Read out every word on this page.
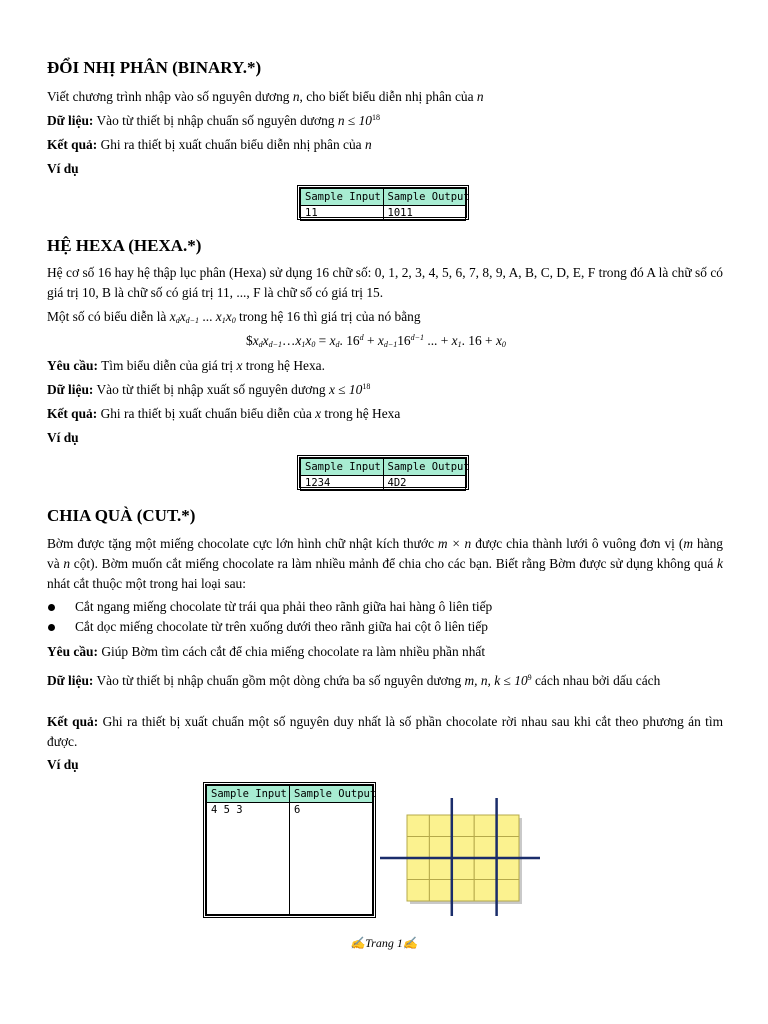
ĐỔI NHỊ PHÂN (BINARY.*)
Viết chương trình nhập vào số nguyên dương n, cho biết biểu diễn nhị phân của n
Dữ liệu: Vào từ thiết bị nhập chuẩn số nguyên dương $n \le 10^{18}$
Kết quả: Ghi ra thiết bị xuất chuẩn biểu diễn nhị phân của n
Ví dụ
Sample Input	Sample Output
11	1011
HỆ HEXA (HEXA.*)
Hệ cơ số 16 hay hệ thập lục phân (Hexa) sử dụng 16 chữ số: 0, 1, 2, 3, 4, 5, 6, 7, 8, 9, A, B, C, D, E, F trong đó A là chữ số có giá trị 10, B là chữ số có giá trị 11, ..., F là chữ số có giá trị 15.
Một số có biểu diễn là $x_dx_{d-1}$ ... $x_1x_0$ trong hệ 16 thì giá trị của nó bằng
$\$x_dx_{d-1}\dots x_1x_0 = x_d$. $16^d + x_{d-1}16^{d-1}$ ... + $x_1$. $16 + x_0$
Yêu cầu: Tìm biểu diễn của giá trị x trong hệ Hexa.
Dữ liệu: Vào từ thiết bị nhập xuất số nguyên dương $x \le 10^{18}$
Kết quả: Ghi ra thiết bị xuất chuẩn biểu diễn của x trong hệ Hexa
Ví dụ
Sample Input	Sample Output
1234	4D2
CHIA QUÀ (CUT.*)
Bờm được tặng một miếng chocolate cực lớn hình chữ nhật kích thước m × n được chia thành lưới ô vuông đơn vị (m hàng và n cột). Bờm muốn cắt miếng chocolate ra làm nhiều mảnh để chia cho các bạn. Biết rằng Bờm được sử dụng không quá k nhát cắt thuộc một trong hai loại sau:
Cắt ngang miếng chocolate từ trái qua phải theo rãnh giữa hai hàng ô liên tiếp
Cắt dọc miếng chocolate từ trên xuống dưới theo rãnh giữa hai cột ô liên tiếp
Yêu cầu: Giúp Bờm tìm cách cắt để chia miếng chocolate ra làm nhiều phần nhất
Dữ liệu: Vào từ thiết bị nhập chuẩn gồm một dòng chứa ba số nguyên dương m, n, $k \le 10^9$ cách nhau bởi dấu cách
Kết quả: Ghi ra thiết bị xuất chuẩn một số nguyên duy nhất là số phần chocolate rời nhau sau khi cắt theo phương án tìm được.
Ví dụ
Sample Input	Sample Output
4 5 3	6
✍Trang 1✍
